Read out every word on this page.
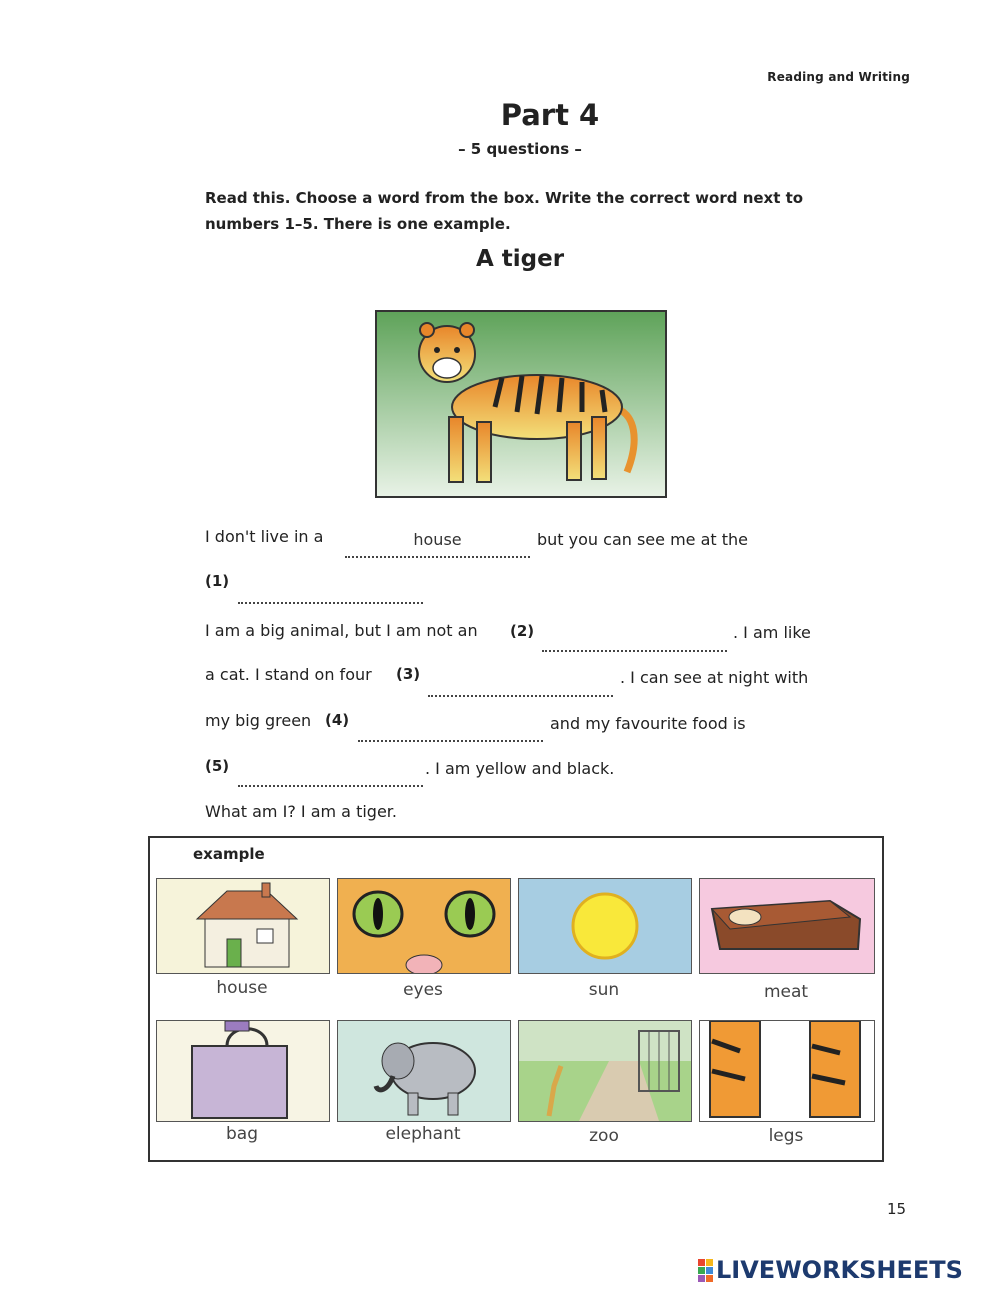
Reading and Writing
Part 4
– 5 questions –
Read this. Choose a word from the box. Write the correct word next to numbers 1–5. There is one example.
A tiger
I don't live in a	house	but you can see me at the
(1)
I am a big animal, but I am not an (2)	. I am like
a cat. I stand on four (3)	. I can see at night with
my big green (4)	and my favourite food is
(5)	. I am yellow and black.
What am I? I am a tiger.
example
house	eyes	sun	meat
bag	elephant	zoo	legs
15
LIVEWORKSHEETS
